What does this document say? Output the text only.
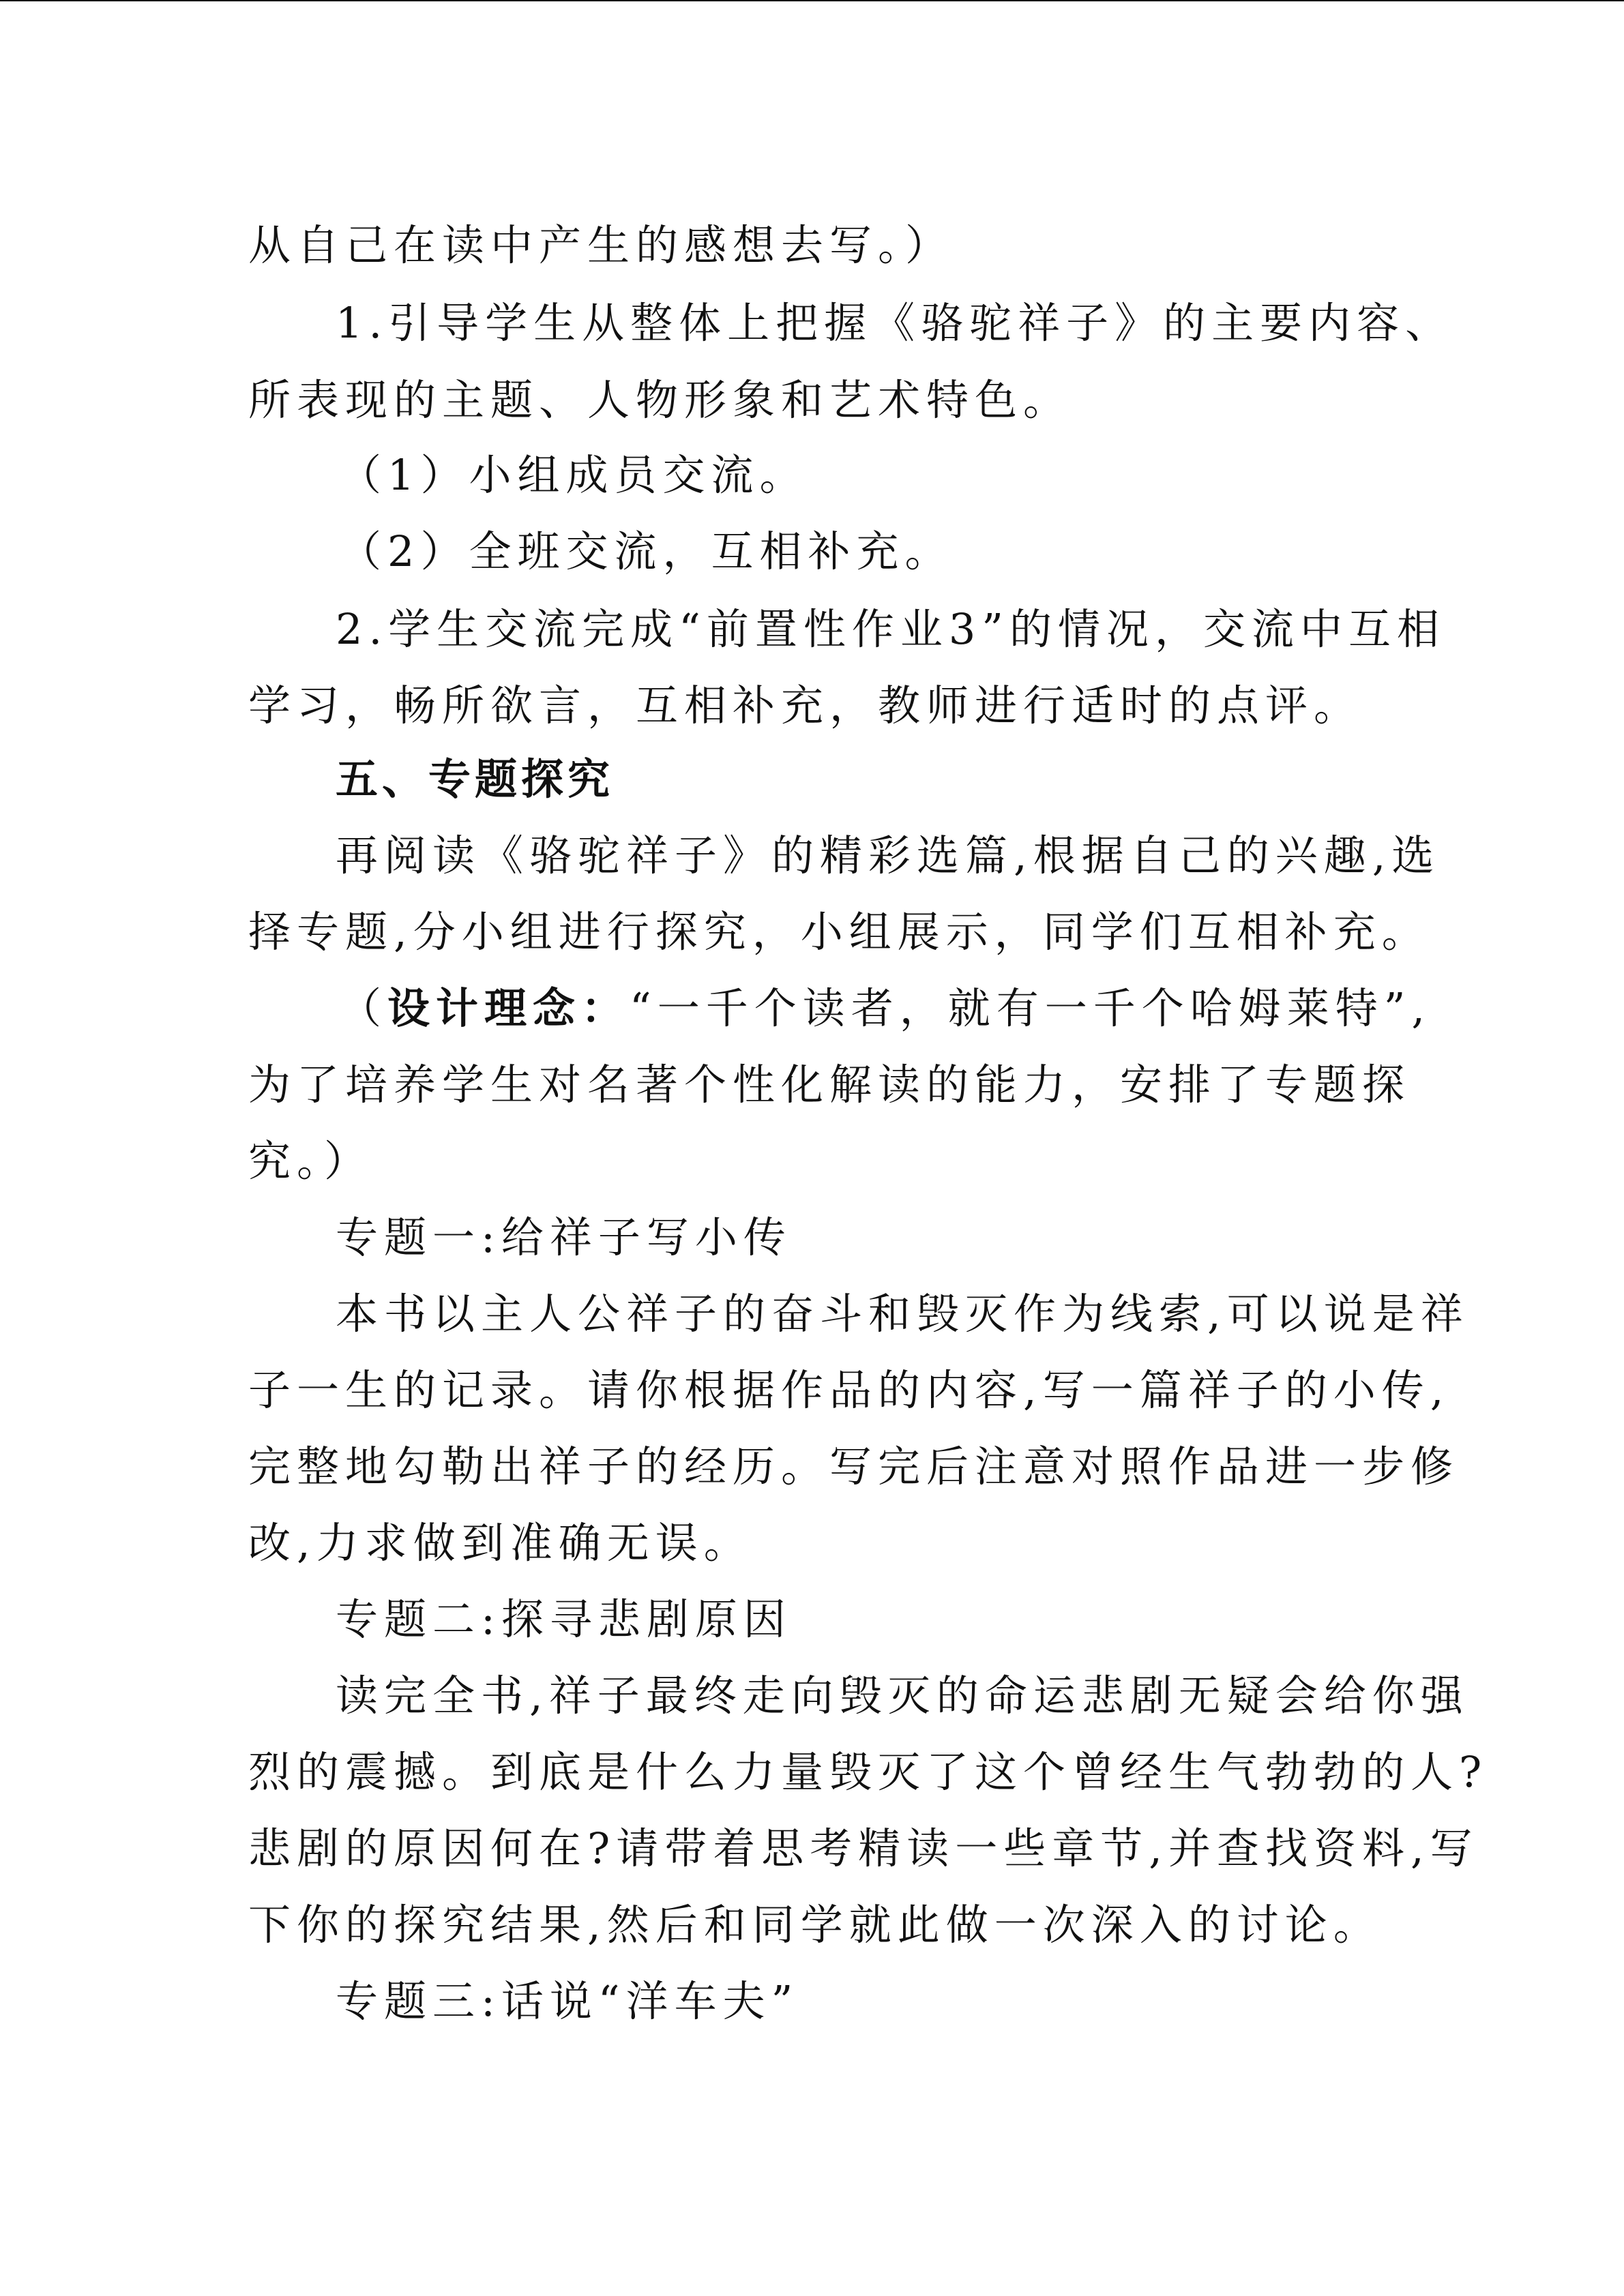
从自己在读中产生的感想去写。）
1.引导学生从整体上把握《骆驼祥子》的主要内容、
所表现的主题、人物形象和艺术特色。
（1）小组成员交流。
（2）全班交流，互相补充。
2.学生交流完成“前置性作业3”的情况，交流中互相
学习，畅所欲言，互相补充，教师进行适时的点评。
五、专题探究
再阅读《骆驼祥子》的精彩选篇,根据自己的兴趣,选
择专题,分小组进行探究，小组展示，同学们互相补充。
（设计理念：“一千个读者，就有一千个哈姆莱特”,
为了培养学生对名著个性化解读的能力，安排了专题探
究。）
专题一:给祥子写小传
本书以主人公祥子的奋斗和毁灭作为线索,可以说是祥
子一生的记录。请你根据作品的内容,写一篇祥子的小传,
完整地勾勒出祥子的经历。写完后注意对照作品进一步修
改,力求做到准确无误。
专题二:探寻悲剧原因
读完全书,祥子最终走向毁灭的命运悲剧无疑会给你强
烈的震撼。到底是什么力量毁灭了这个曾经生气勃勃的人?
悲剧的原因何在?请带着思考精读一些章节,并查找资料,写
下你的探究结果,然后和同学就此做一次深入的讨论。
专题三:话说“洋车夫”
